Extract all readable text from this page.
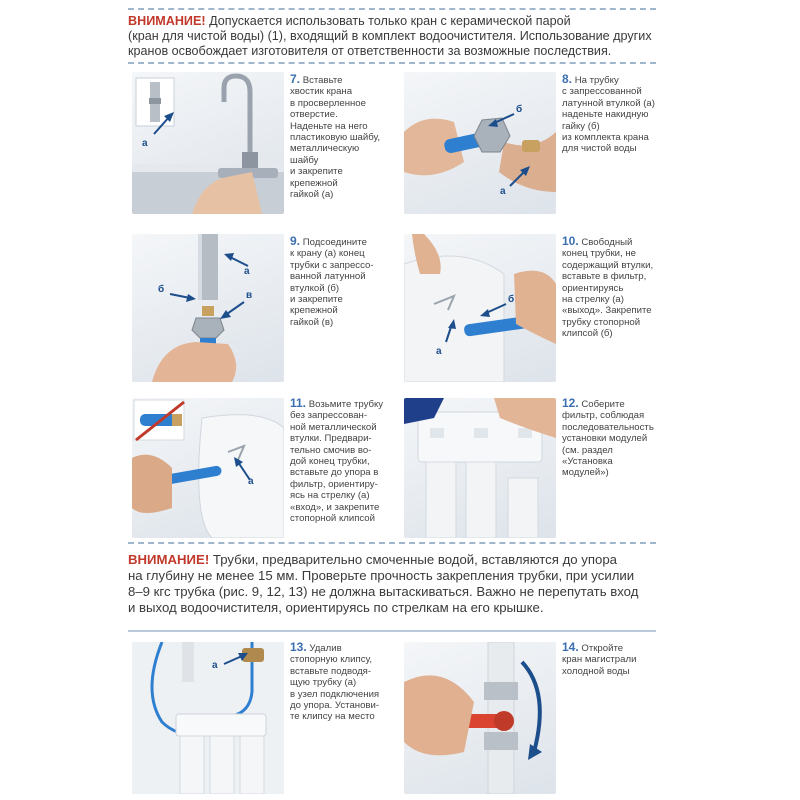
ВНИМАНИЕ! Допускается использовать только кран с керамической парой
(кран для чистой воды) (1), входящий в комплект водоочистителя. Использование других
кранов освобождает изготовителя от ответственности за возможные последствия.
а
7. Вставьте
хвостик крана
в просверленное
отверстие.
Наденьте на него
пластиковую шайбу,
металлическую
шайбу
и закрепите
крепежной
гайкой (а)
б
а
8. На трубку
с запрессованной
латунной втулкой (а)
наденьте накидную
гайку (б)
из комплекта крана
для чистой воды
а
б
в
9. Подсоедините
к крану (а) конец
трубки с запрессо-
ванной латунной
втулкой (б)
и закрепите
крепежной
гайкой (в)
б
а
10. Свободный
конец трубки, не
содержащий втулки,
вставьте в фильтр,
ориентируясь
на стрелку (а)
«выход». Закрепите
трубку стопорной
клипсой (б)
а
11. Возьмите трубку
без запрессован-
ной металлической
втулки. Предвари-
тельно смочив во-
дой конец трубки,
вставьте до упора в
фильтр, ориентиру-
ясь на стрелку (а)
«вход», и закрепите
стопорной клипсой
12. Соберите
фильтр, соблюдая
последовательность
установки модулей
(см. раздел
«Установка
модулей»)
ВНИМАНИЕ! Трубки, предварительно смоченные водой, вставляются до упора
на глубину не менее 15 мм. Проверьте прочность закрепления трубки, при усилии
8–9 кгс трубка (рис. 9, 12, 13) не должна вытаскиваться. Важно не перепутать вход
и выход водоочистителя, ориентируясь по стрелкам на его крышке.
а
13. Удалив
стопорную клипсу,
вставьте подводя-
щую трубку (а)
в узел подключения
до упора. Установи-
те клипсу на место
14. Откройте
кран магистрали
холодной воды
